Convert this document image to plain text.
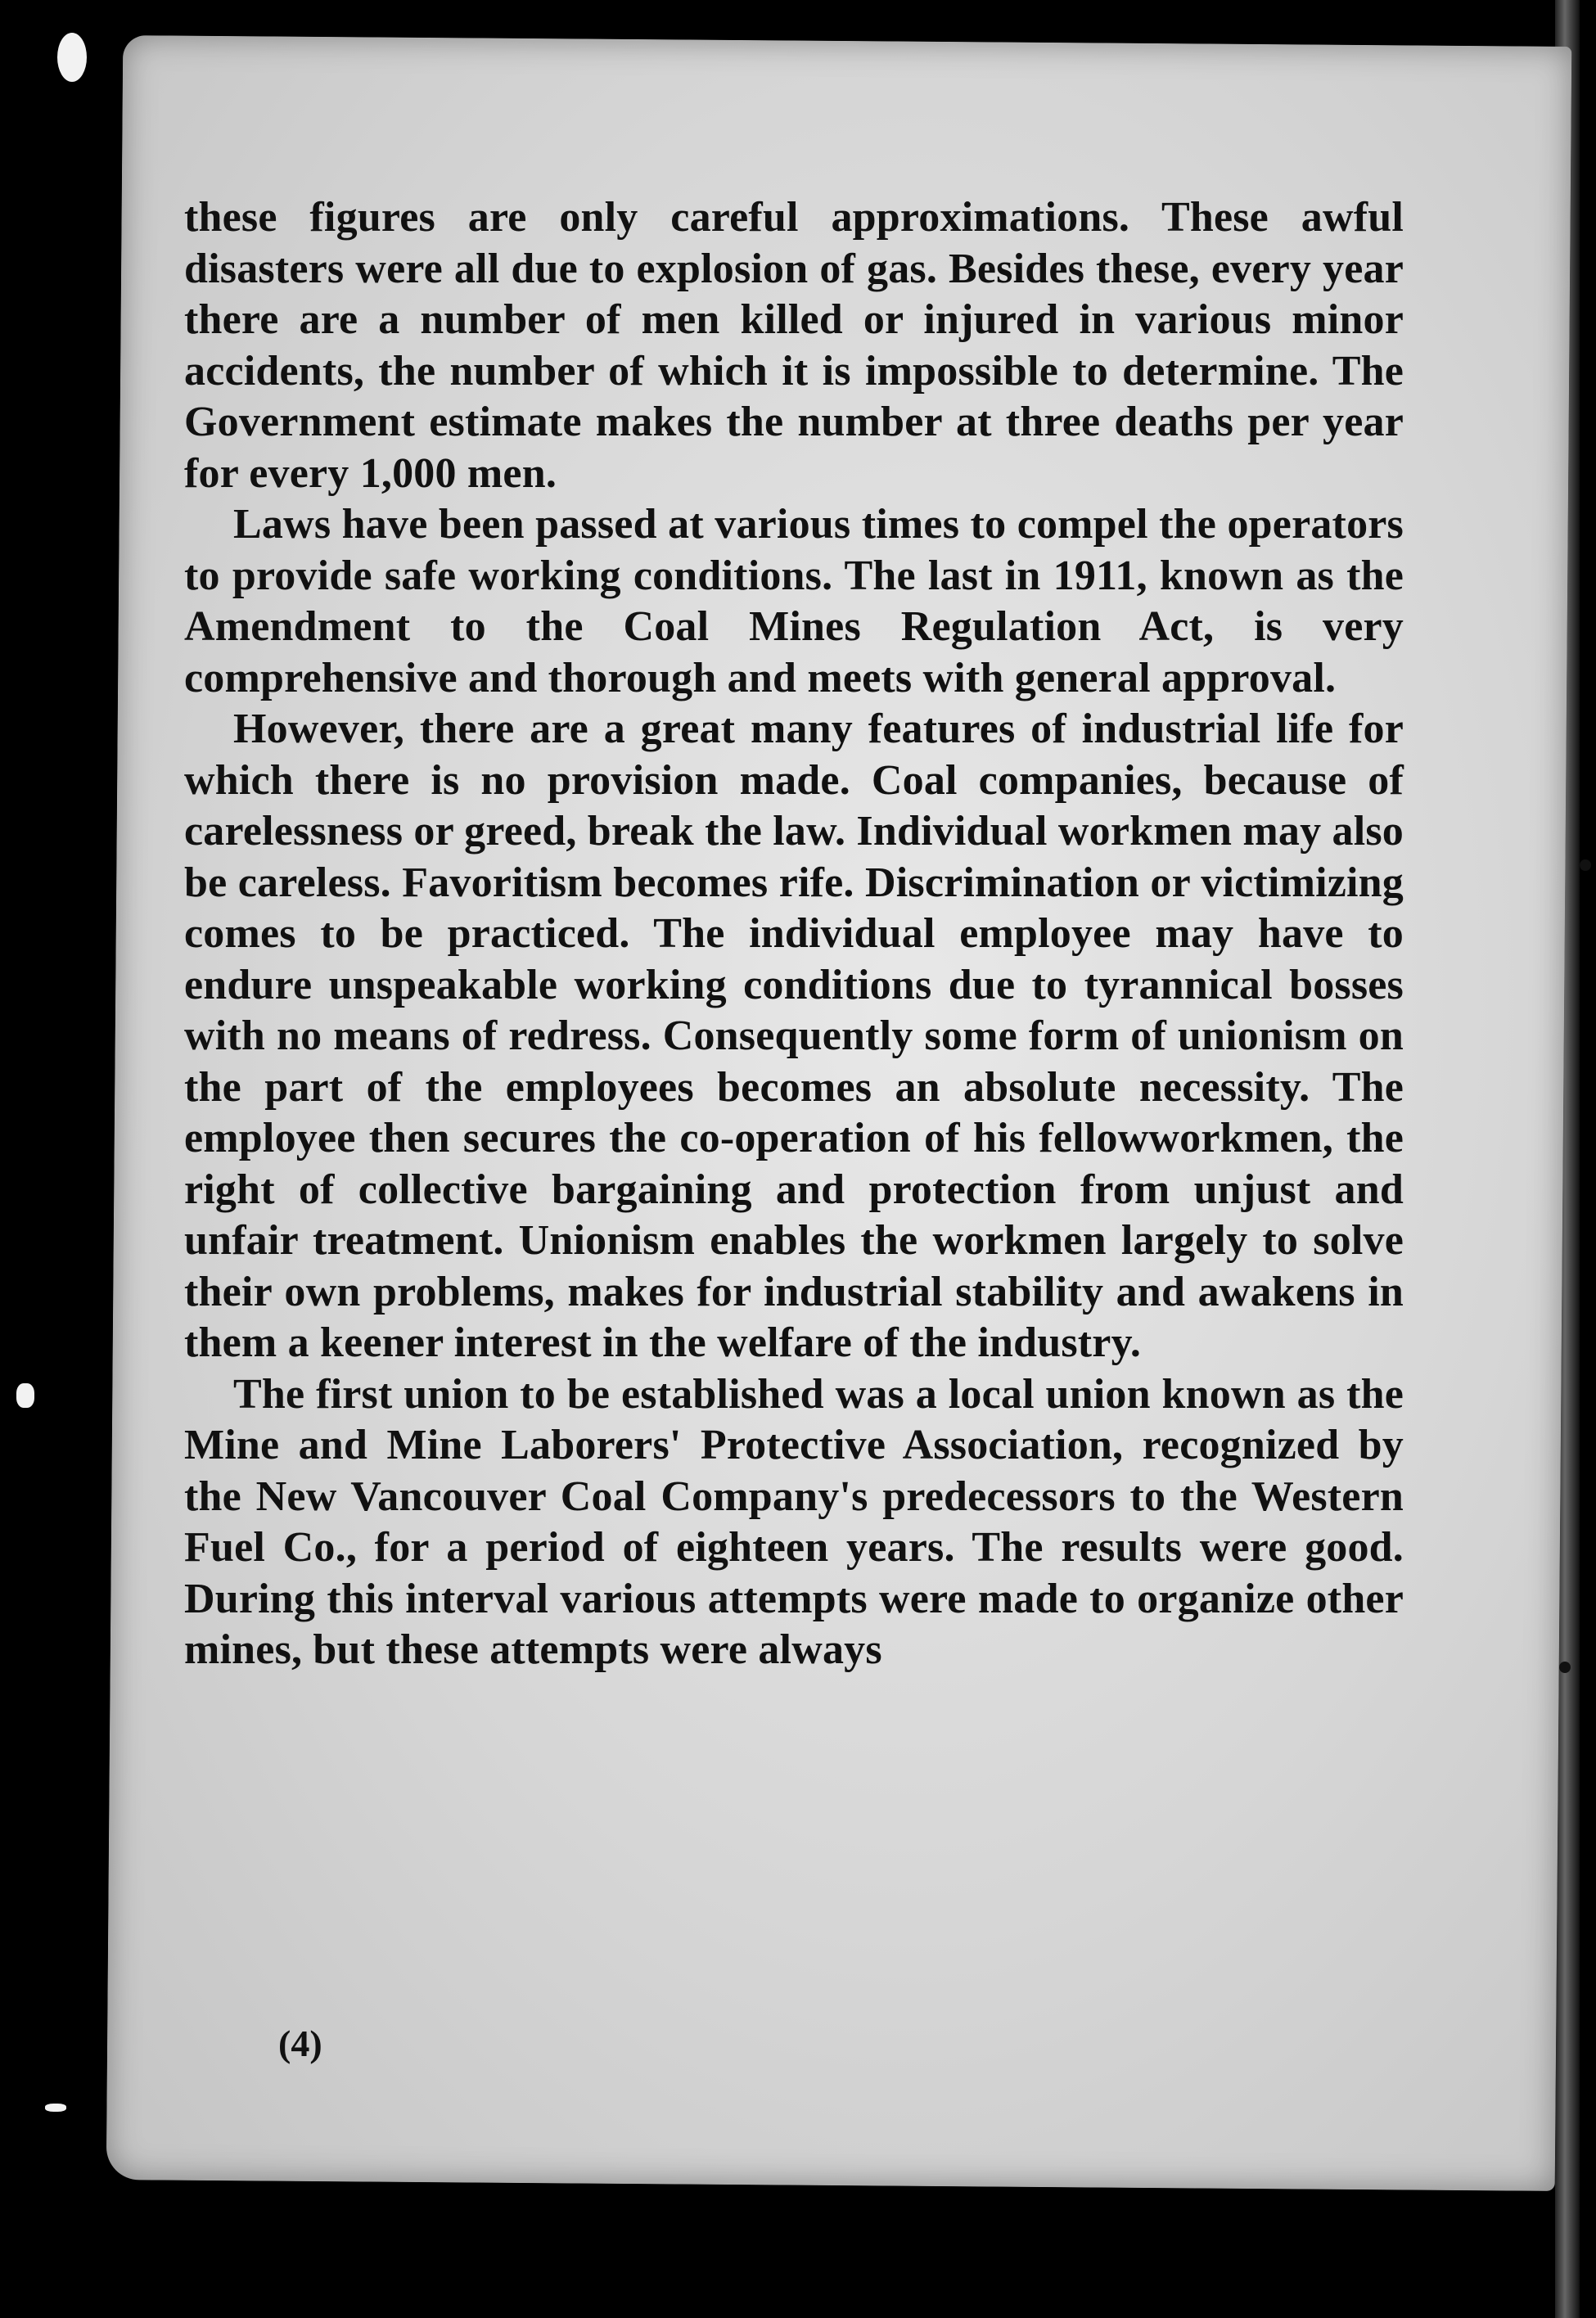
these figures are only careful approximations. These awful disasters were all due to explosion of gas. Besides these, every year there are a number of men killed or injured in various minor accidents, the number of which it is impossible to determine. The Government estimate makes the number at three deaths per year for every 1,000 men.

Laws have been passed at various times to compel the operators to provide safe working conditions. The last in 1911, known as the Amendment to the Coal Mines Regulation Act, is very comprehensive and thorough and meets with general approval.

However, there are a great many features of industrial life for which there is no provision made. Coal companies, because of carelessness or greed, break the law. Individual workmen may also be careless. Favoritism becomes rife. Discrimination or victimizing comes to be practiced. The individual employee may have to endure unspeakable working conditions due to tyrannical bosses with no means of redress. Consequently some form of unionism on the part of the employees becomes an absolute necessity. The employee then secures the co-operation of his fellowworkmen, the right of collective bargaining and protection from unjust and unfair treatment. Unionism enables the workmen largely to solve their own problems, makes for industrial stability and awakens in them a keener interest in the welfare of the industry.

The first union to be established was a local union known as the Mine and Mine Laborers' Protective Association, recognized by the New Vancouver Coal Company's predecessors to the Western Fuel Co., for a period of eighteen years. The results were good. During this interval various attempts were made to organize other mines, but these attempts were always

(4)
